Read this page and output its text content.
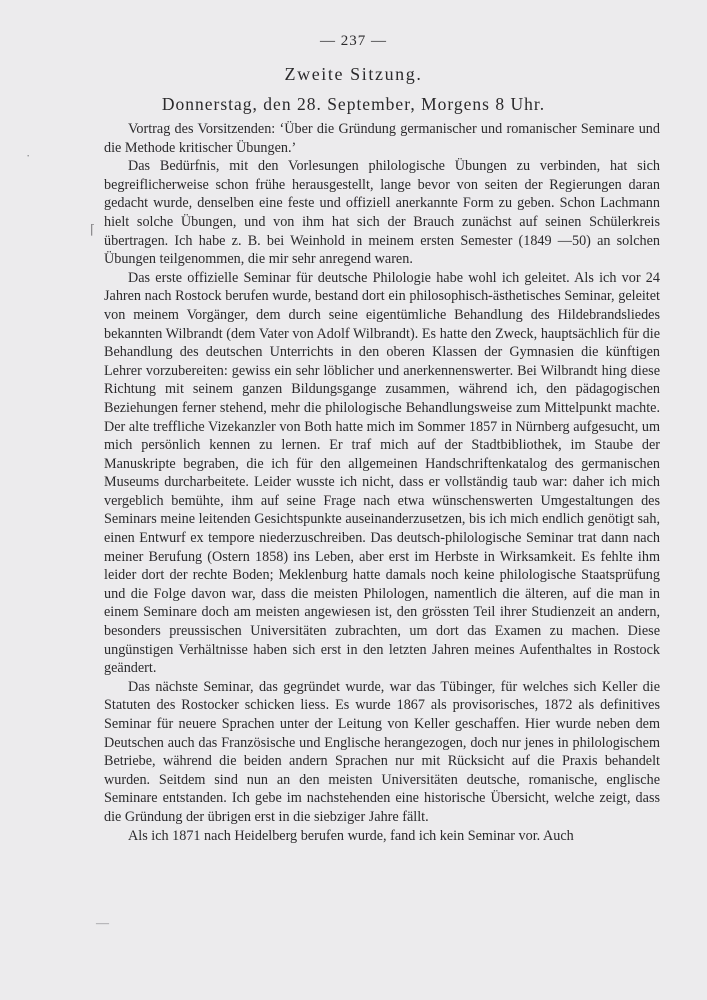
— 237 —
Zweite Sitzung.
Donnerstag, den 28. September, Morgens 8 Uhr.

Vortrag des Vorsitzenden: ‘Über die Gründung germanischer und romanischer Seminare und die Methode kritischer Übungen.’

Das Bedürfnis, mit den Vorlesungen philologische Übungen zu verbinden, hat sich begreiflicherweise schon frühe herausgestellt, lange bevor von seiten der Regierungen daran gedacht wurde, denselben eine feste und offiziell anerkannte Form zu geben. Schon Lachmann hielt solche Übungen, und von ihm hat sich der Brauch zunächst auf seinen Schülerkreis übertragen. Ich habe z. B. bei Weinhold in meinem ersten Semester (1849 —50) an solchen Übungen teilgenommen, die mir sehr anregend waren.

Das erste offizielle Seminar für deutsche Philologie habe wohl ich geleitet. Als ich vor 24 Jahren nach Rostock berufen wurde, bestand dort ein philosophisch-ästhetisches Seminar, geleitet von meinem Vorgänger, dem durch seine eigentümliche Behandlung des Hildebrandsliedes bekannten Wilbrandt (dem Vater von Adolf Wilbrandt). Es hatte den Zweck, hauptsächlich für die Behandlung des deutschen Unterrichts in den oberen Klassen der Gymnasien die künftigen Lehrer vorzubereiten: gewiss ein sehr löblicher und anerkennenswerter. Bei Wilbrandt hing diese Richtung mit seinem ganzen Bildungsgange zusammen, während ich, den pädagogischen Beziehungen ferner stehend, mehr die philologische Behandlungsweise zum Mittelpunkt machte. Der alte treffliche Vizekanzler von Both hatte mich im Sommer 1857 in Nürnberg aufgesucht, um mich persönlich kennen zu lernen. Er traf mich auf der Stadtbibliothek, im Staube der Manuskripte begraben, die ich für den allgemeinen Handschriftenkatalog des germanischen Museums durcharbeitete. Leider wusste ich nicht, dass er vollständig taub war: daher ich mich vergeblich bemühte, ihm auf seine Frage nach etwa wünschenswerten Umgestaltungen des Seminars meine leitenden Gesichtspunkte auseinanderzusetzen, bis ich mich endlich genötigt sah, einen Entwurf ex tempore niederzuschreiben. Das deutsch-philologische Seminar trat dann nach meiner Berufung (Ostern 1858) ins Leben, aber erst im Herbste in Wirksamkeit. Es fehlte ihm leider dort der rechte Boden; Meklenburg hatte damals noch keine philologische Staatsprüfung und die Folge davon war, dass die meisten Philologen, namentlich die älteren, auf die man in einem Seminare doch am meisten angewiesen ist, den grössten Teil ihrer Studienzeit an andern, besonders preussischen Universitäten zubrachten, um dort das Examen zu machen. Diese ungünstigen Verhältnisse haben sich erst in den letzten Jahren meines Aufenthaltes in Rostock geändert.

Das nächste Seminar, das gegründet wurde, war das Tübinger, für welches sich Keller die Statuten des Rostocker schicken liess. Es wurde 1867 als provisorisches, 1872 als definitives Seminar für neuere Sprachen unter der Leitung von Keller geschaffen. Hier wurde neben dem Deutschen auch das Französische und Englische herangezogen, doch nur jenes in philologischem Betriebe, während die beiden andern Sprachen nur mit Rücksicht auf die Praxis behandelt wurden. Seitdem sind nun an den meisten Universitäten deutsche, romanische, englische Seminare entstanden. Ich gebe im nachstehenden eine historische Übersicht, welche zeigt, dass die Gründung der übrigen erst in die siebziger Jahre fällt.

Als ich 1871 nach Heidelberg berufen wurde, fand ich kein Seminar vor. Auch

·
⌈
—
